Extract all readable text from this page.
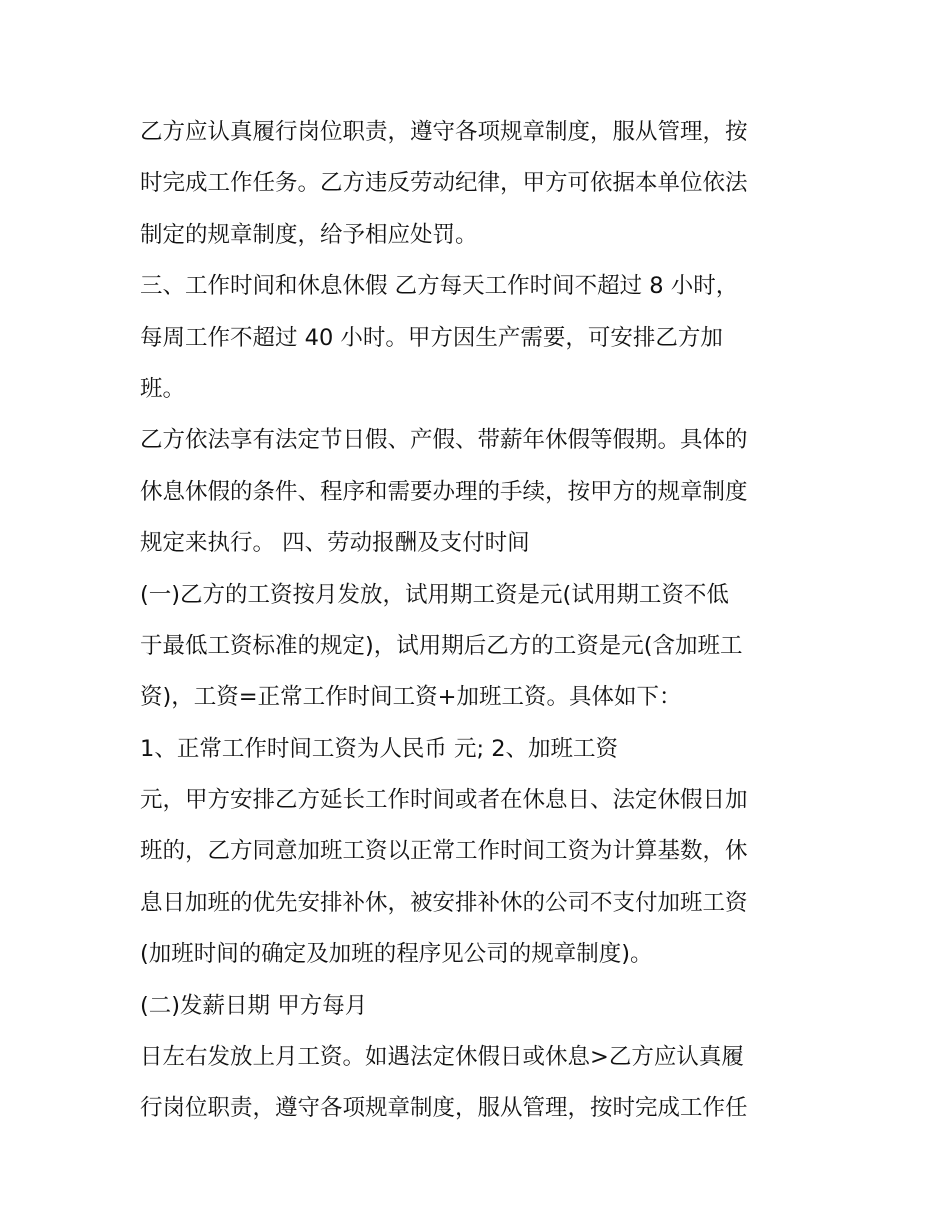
乙方应认真履行岗位职责，遵守各项规章制度，服从管理，按
时完成工作任务。乙方违反劳动纪律，甲方可依据本单位依法
制定的规章制度，给予相应处罚。
三、工作时间和休息休假 乙方每天工作时间不超过 8 小时，
每周工作不超过 40 小时。甲方因生产需要，可安排乙方加
班。
乙方依法享有法定节日假、产假、带薪年休假等假期。具体的
休息休假的条件、程序和需要办理的手续，按甲方的规章制度
规定来执行。 四、劳动报酬及支付时间
(一)乙方的工资按月发放，试用期工资是元(试用期工资不低
于最低工资标准的规定)，试用期后乙方的工资是元(含加班工
资)，工资=正常工作时间工资+加班工资。具体如下：
1、正常工作时间工资为人民币 元; 2、加班工资
元，甲方安排乙方延长工作时间或者在休息日、法定休假日加
班的，乙方同意加班工资以正常工作时间工资为计算基数，休
息日加班的优先安排补休，被安排补休的公司不支付加班工资
(加班时间的确定及加班的程序见公司的规章制度)。
(二)发薪日期 甲方每月
日左右发放上月工资。如遇法定休假日或休息>乙方应认真履
行岗位职责，遵守各项规章制度，服从管理，按时完成工作任
